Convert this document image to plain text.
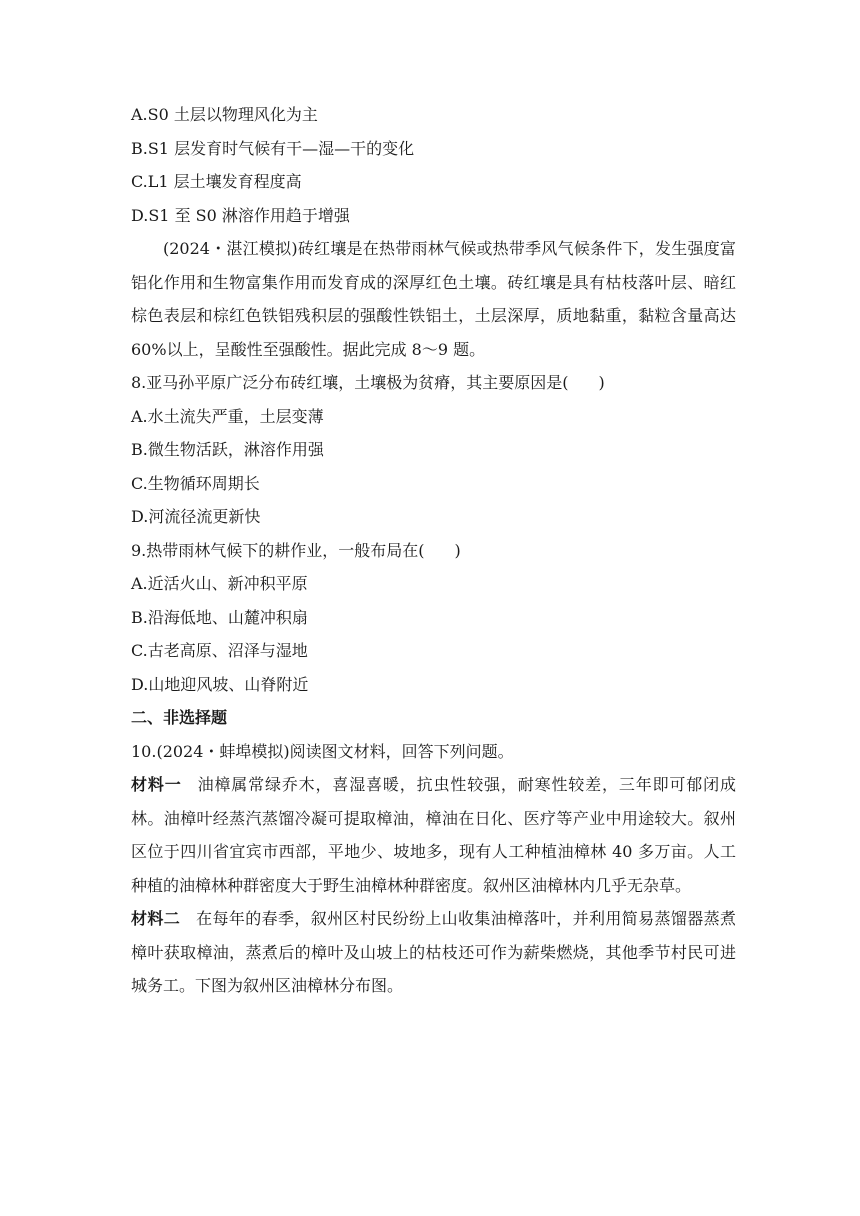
A.S0 土层以物理风化为主
B.S1 层发育时气候有干—湿—干的变化
C.L1 层土壤发育程度高
D.S1 至 S0 淋溶作用趋于增强
(2024・湛江模拟)砖红壤是在热带雨林气候或热带季风气候条件下，发生强度富铝化作用和生物富集作用而发育成的深厚红色土壤。砖红壤是具有枯枝落叶层、暗红棕色表层和棕红色铁铝残积层的强酸性铁铝土，土层深厚，质地黏重，黏粒含量高达 60%以上，呈酸性至强酸性。据此完成 8～9 题。
8.亚马孙平原广泛分布砖红壤，土壤极为贫瘠，其主要原因是( )
A.水土流失严重，土层变薄
B.微生物活跃，淋溶作用强
C.生物循环周期长
D.河流径流更新快
9.热带雨林气候下的耕作业，一般布局在( )
A.近活火山、新冲积平原
B.沿海低地、山麓冲积扇
C.古老高原、沼泽与湿地
D.山地迎风坡、山脊附近
二、非选择题
10.(2024・蚌埠模拟)阅读图文材料，回答下列问题。
材料一 油樟属常绿乔木，喜湿喜暖，抗虫性较强，耐寒性较差，三年即可郁闭成林。油樟叶经蒸汽蒸馏冷凝可提取樟油，樟油在日化、医疗等产业中用途较大。叙州区位于四川省宜宾市西部，平地少、坡地多，现有人工种植油樟林 40 多万亩。人工种植的油樟林种群密度大于野生油樟林种群密度。叙州区油樟林内几乎无杂草。
材料二 在每年的春季，叙州区村民纷纷上山收集油樟落叶，并利用简易蒸馏器蒸煮樟叶获取樟油，蒸煮后的樟叶及山坡上的枯枝还可作为薪柴燃烧，其他季节村民可进城务工。下图为叙州区油樟林分布图。
